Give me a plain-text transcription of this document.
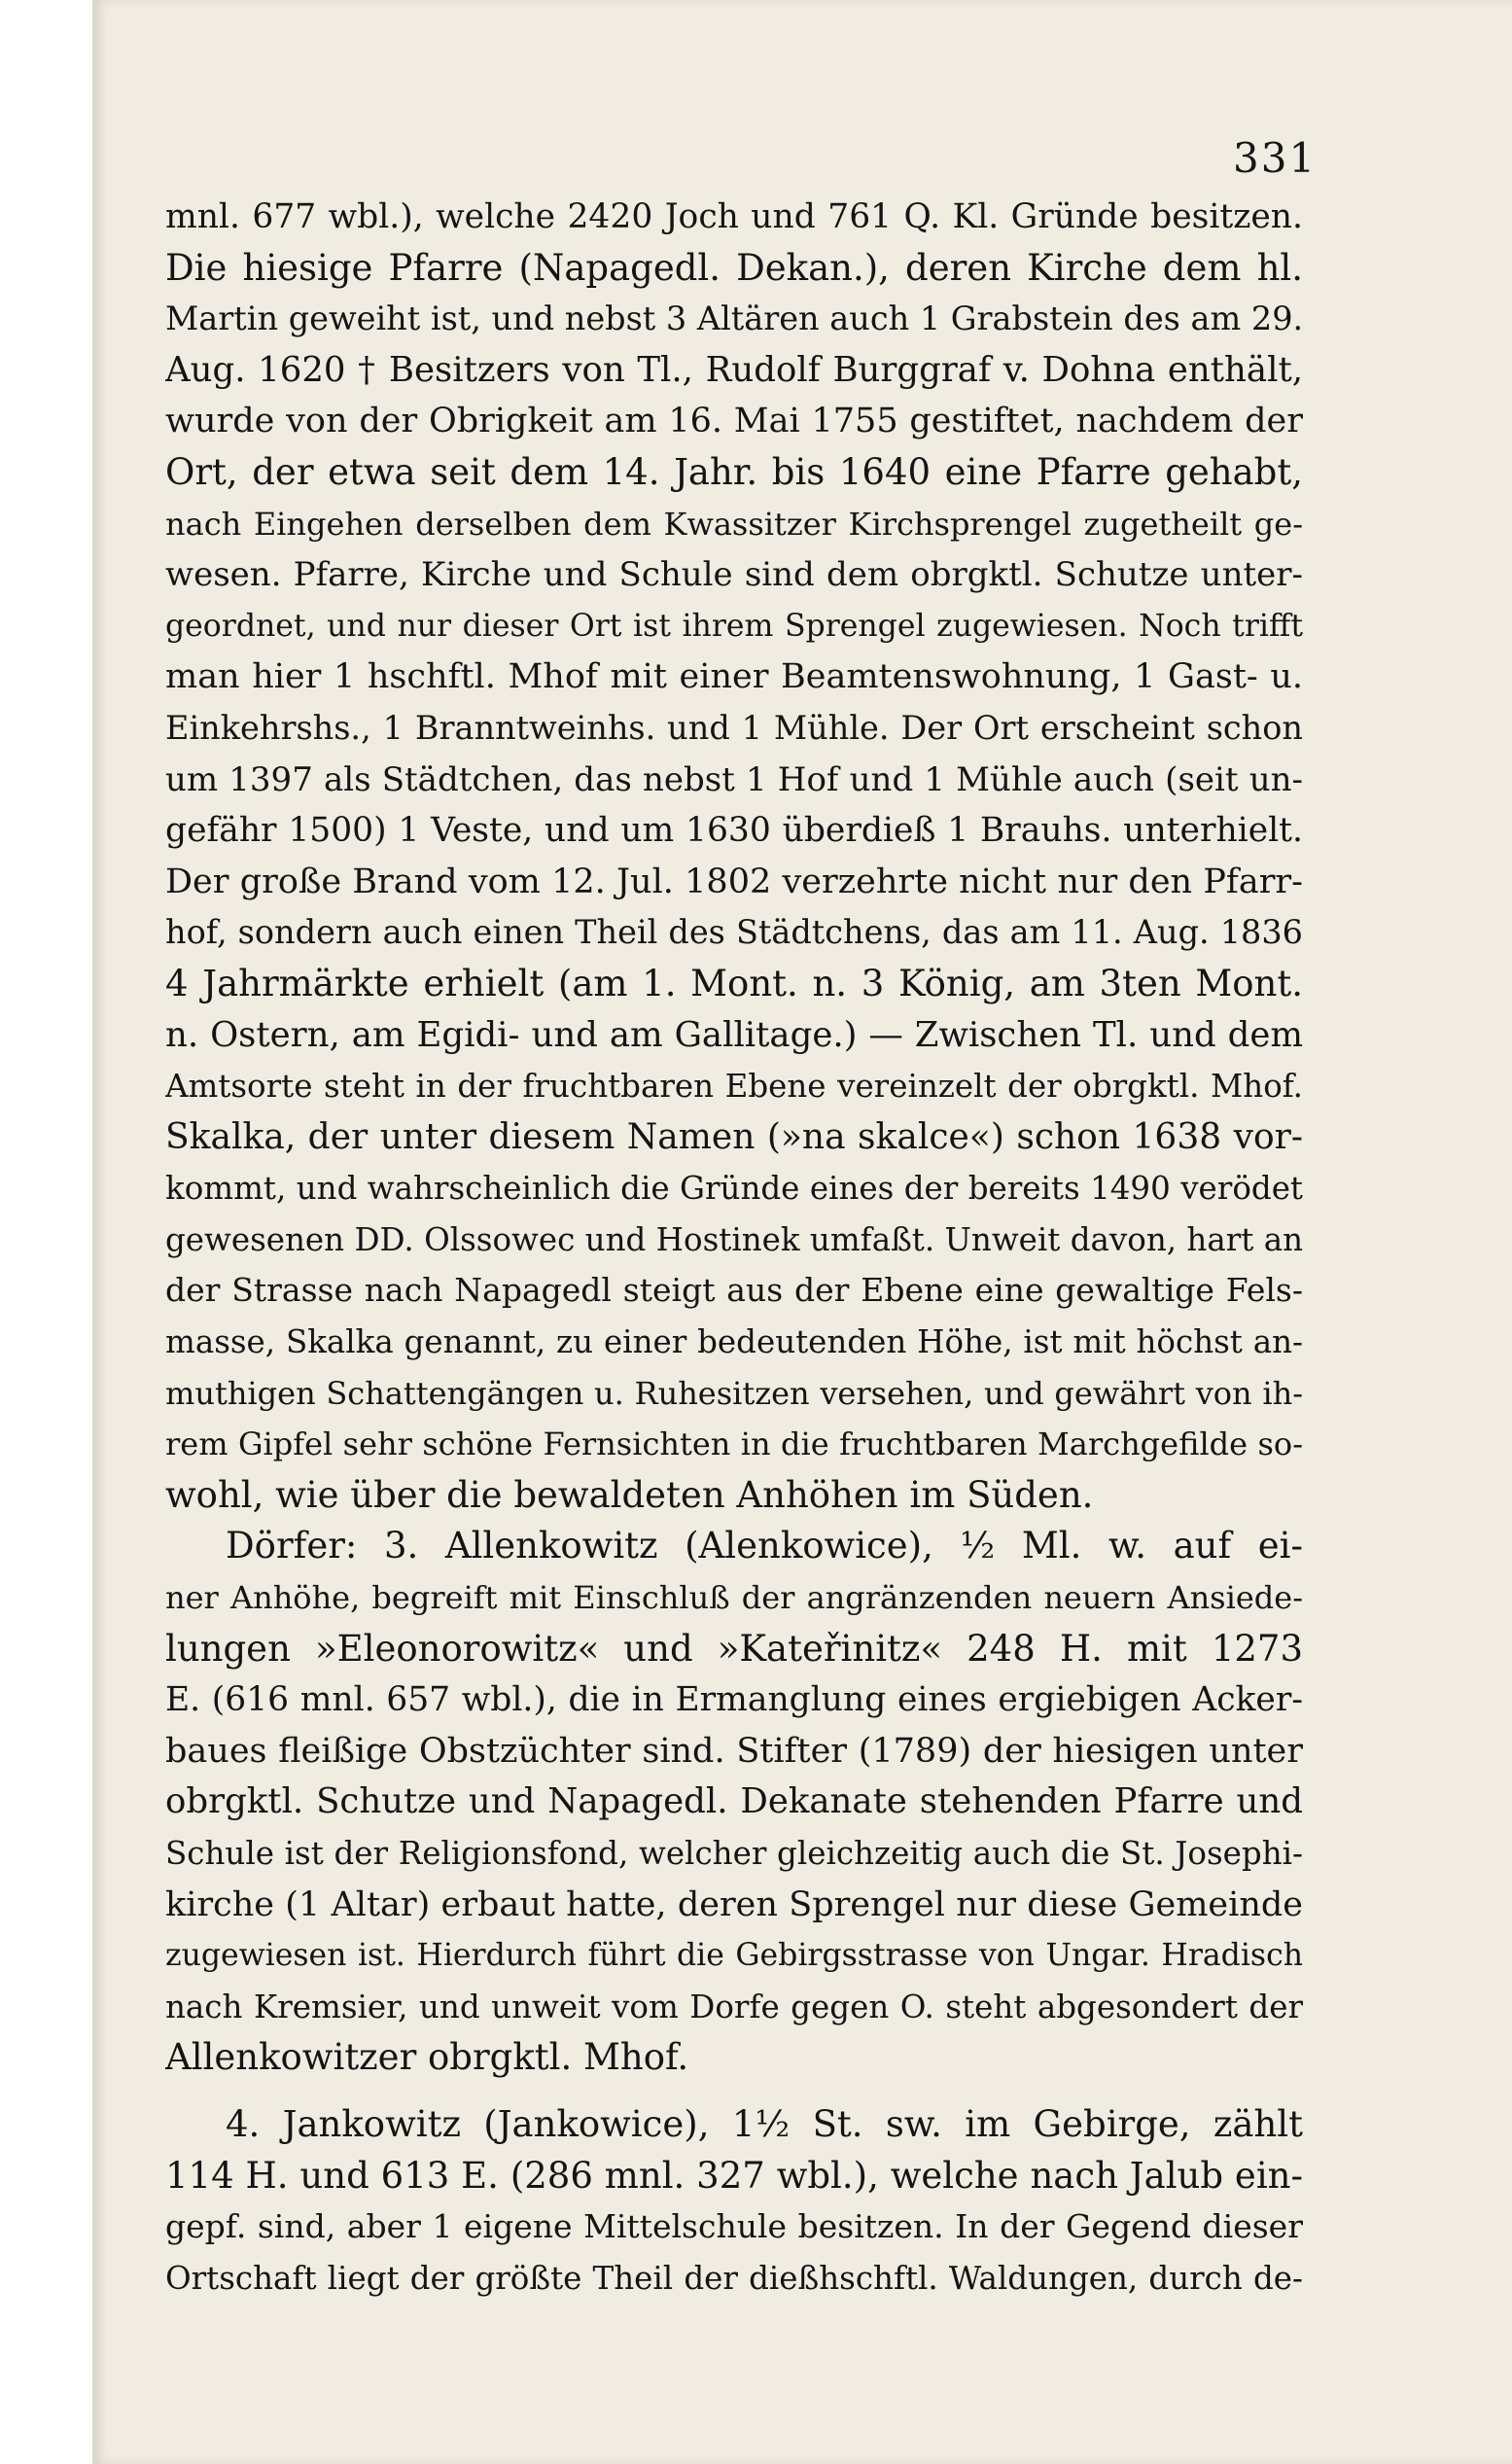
331
mnl. 677 wbl.), welche 2420 Joch und 761 Q. Kl. Gründe besitzen.
Die hiesige Pfarre (Napagedl. Dekan.), deren Kirche dem hl.
Martin geweiht ist, und nebst 3 Altären auch 1 Grabstein des am 29.
Aug. 1620 † Besitzers von Tl., Rudolf Burggraf v. Dohna enthält,
wurde von der Obrigkeit am 16. Mai 1755 gestiftet, nachdem der
Ort, der etwa seit dem 14. Jahr. bis 1640 eine Pfarre gehabt,
nach Eingehen derselben dem Kwassitzer Kirchsprengel zugetheilt ge-
wesen. Pfarre, Kirche und Schule sind dem obrgktl. Schutze unter-
geordnet, und nur dieser Ort ist ihrem Sprengel zugewiesen. Noch trifft
man hier 1 hschftl. Mhof mit einer Beamtenswohnung, 1 Gast- u.
Einkehrshs., 1 Branntweinhs. und 1 Mühle. Der Ort erscheint schon
um 1397 als Städtchen, das nebst 1 Hof und 1 Mühle auch (seit un-
gefähr 1500) 1 Veste, und um 1630 überdieß 1 Brauhs. unterhielt.
Der große Brand vom 12. Jul. 1802 verzehrte nicht nur den Pfarr-
hof, sondern auch einen Theil des Städtchens, das am 11. Aug. 1836
4 Jahrmärkte erhielt (am 1. Mont. n. 3 König, am 3ten Mont.
n. Ostern, am Egidi- und am Gallitage.) — Zwischen Tl. und dem
Amtsorte steht in der fruchtbaren Ebene vereinzelt der obrgktl. Mhof.
Skalka, der unter diesem Namen (»na skalce«) schon 1638 vor-
kommt, und wahrscheinlich die Gründe eines der bereits 1490 verödet
gewesenen DD. Olssowec und Hostinek umfaßt. Unweit davon, hart an
der Strasse nach Napagedl steigt aus der Ebene eine gewaltige Fels-
masse, Skalka genannt, zu einer bedeutenden Höhe, ist mit höchst an-
muthigen Schattengängen u. Ruhesitzen versehen, und gewährt von ih-
rem Gipfel sehr schöne Fernsichten in die fruchtbaren Marchgefilde so-
wohl, wie über die bewaldeten Anhöhen im Süden.
Dörfer: 3. Allenkowitz (Alenkowice), ½ Ml. w. auf ei-
ner Anhöhe, begreift mit Einschluß der angränzenden neuern Ansiede-
lungen »Eleonorowitz« und »Kateřinitz« 248 H. mit 1273
E. (616 mnl. 657 wbl.), die in Ermanglung eines ergiebigen Acker-
baues fleißige Obstzüchter sind. Stifter (1789) der hiesigen unter
obrgktl. Schutze und Napagedl. Dekanate stehenden Pfarre und
Schule ist der Religionsfond, welcher gleichzeitig auch die St. Josephi-
kirche (1 Altar) erbaut hatte, deren Sprengel nur diese Gemeinde
zugewiesen ist. Hierdurch führt die Gebirgsstrasse von Ungar. Hradisch
nach Kremsier, und unweit vom Dorfe gegen O. steht abgesondert der
Allenkowitzer obrgktl. Mhof.
4. Jankowitz (Jankowice), 1½ St. sw. im Gebirge, zählt
114 H. und 613 E. (286 mnl. 327 wbl.), welche nach Jalub ein-
gepf. sind, aber 1 eigene Mittelschule besitzen. In der Gegend dieser
Ortschaft liegt der größte Theil der dießhschftl. Waldungen, durch de-
